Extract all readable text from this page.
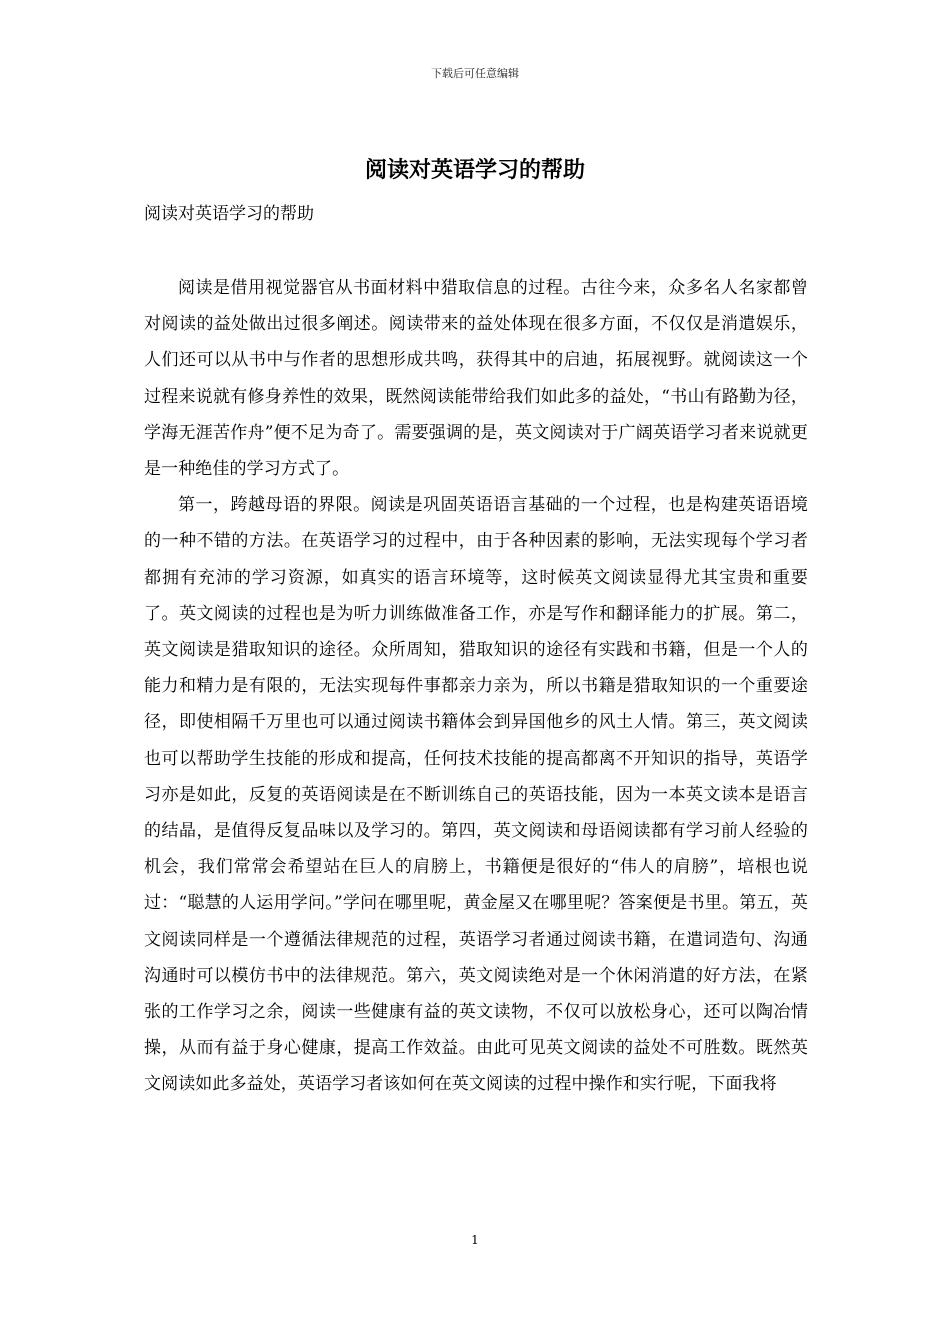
下载后可任意编辑
阅读对英语学习的帮助
阅读对英语学习的帮助

阅读是借用视觉器官从书面材料中猎取信息的过程。古往今来，众多名人名家都曾对阅读的益处做出过很多阐述。阅读带来的益处体现在很多方面，不仅仅是消遣娱乐，人们还可以从书中与作者的思想形成共鸣，获得其中的启迪，拓展视野。就阅读这一个过程来说就有修身养性的效果，既然阅读能带给我们如此多的益处，“书山有路勤为径，学海无涯苦作舟”便不足为奇了。需要强调的是，英文阅读对于广阔英语学习者来说就更是一种绝佳的学习方式了。

第一，跨越母语的界限。阅读是巩固英语语言基础的一个过程，也是构建英语语境的一种不错的方法。在英语学习的过程中，由于各种因素的影响，无法实现每个学习者都拥有充沛的学习资源，如真实的语言环境等，这时候英文阅读显得尤其宝贵和重要了。英文阅读的过程也是为听力训练做准备工作，亦是写作和翻译能力的扩展。第二，英文阅读是猎取知识的途径。众所周知，猎取知识的途径有实践和书籍，但是一个人的能力和精力是有限的，无法实现每件事都亲力亲为，所以书籍是猎取知识的一个重要途径，即使相隔千万里也可以通过阅读书籍体会到异国他乡的风土人情。第三，英文阅读也可以帮助学生技能的形成和提高，任何技术技能的提高都离不开知识的指导，英语学习亦是如此，反复的英语阅读是在不断训练自己的英语技能，因为一本英文读本是语言的结晶，是值得反复品味以及学习的。第四，英文阅读和母语阅读都有学习前人经验的机会，我们常常会希望站在巨人的肩膀上，书籍便是很好的“伟人的肩膀”，培根也说过：“聪慧的人运用学问。”学问在哪里呢，黄金屋又在哪里呢？答案便是书里。第五，英文阅读同样是一个遵循法律规范的过程，英语学习者通过阅读书籍，在遣词造句、沟通沟通时可以模仿书中的法律规范。第六，英文阅读绝对是一个休闲消遣的好方法，在紧张的工作学习之余，阅读一些健康有益的英文读物，不仅可以放松身心，还可以陶冶情操，从而有益于身心健康，提高工作效益。由此可见英文阅读的益处不可胜数。既然英文阅读如此多益处，英语学习者该如何在英文阅读的过程中操作和实行呢，下面我将

1
